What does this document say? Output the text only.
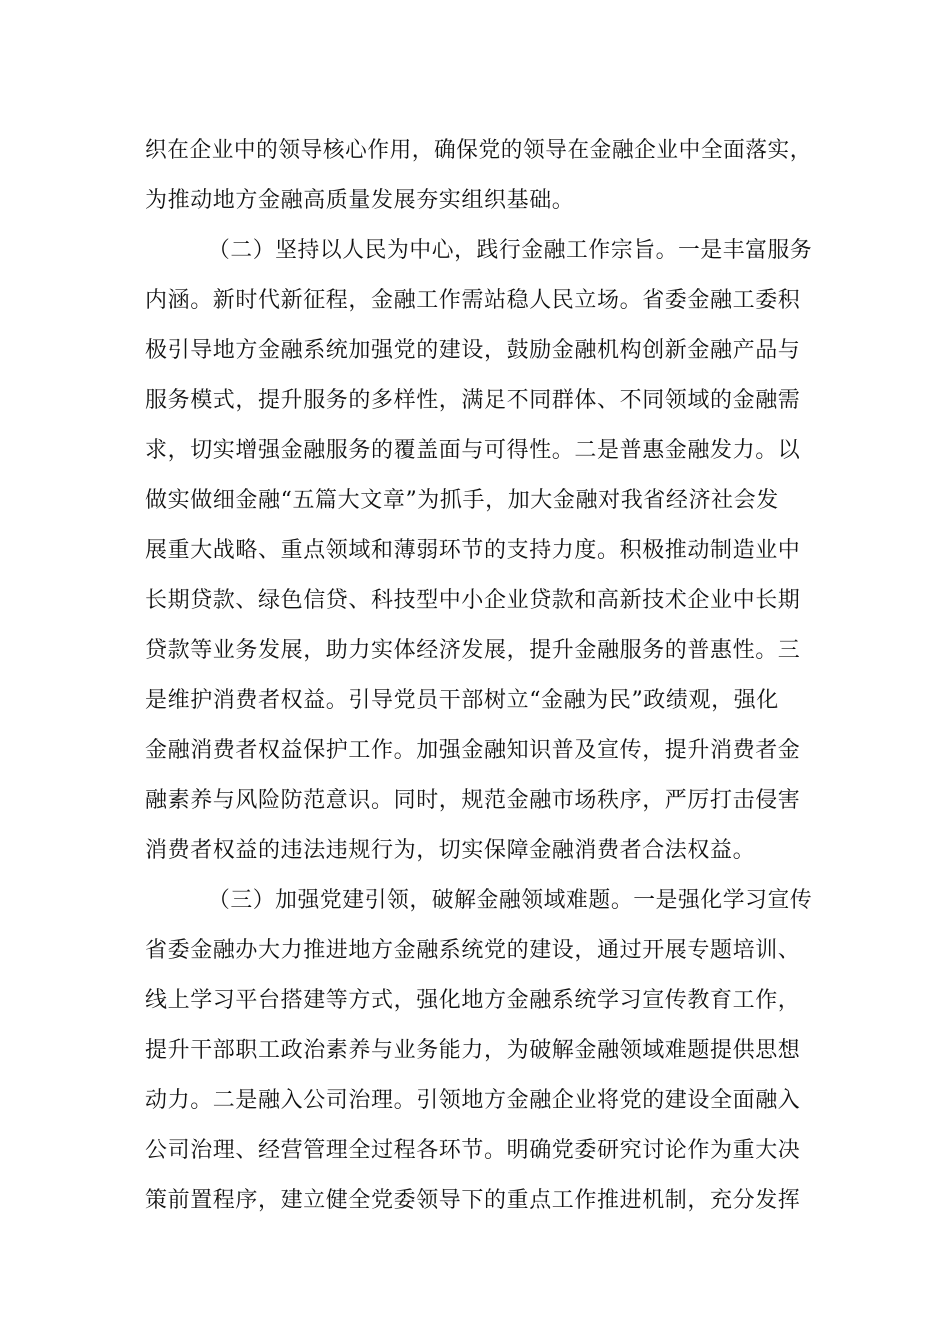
织在企业中的领导核心作用，确保党的领导在金融企业中全面落实，

为推动地方金融高质量发展夯实组织基础。

（二）坚持以人民为中心，践行金融工作宗旨。一是丰富服务

内涵。新时代新征程，金融工作需站稳人民立场。省委金融工委积

极引导地方金融系统加强党的建设，鼓励金融机构创新金融产品与

服务模式，提升服务的多样性，满足不同群体、不同领域的金融需

求，切实增强金融服务的覆盖面与可得性。二是普惠金融发力。以

做实做细金融“五篇大文章”为抓手，加大金融对我省经济社会发

展重大战略、重点领域和薄弱环节的支持力度。积极推动制造业中

长期贷款、绿色信贷、科技型中小企业贷款和高新技术企业中长期

贷款等业务发展，助力实体经济发展，提升金融服务的普惠性。三

是维护消费者权益。引导党员干部树立“金融为民”政绩观，强化

金融消费者权益保护工作。加强金融知识普及宣传，提升消费者金

融素养与风险防范意识。同时，规范金融市场秩序，严厉打击侵害

消费者权益的违法违规行为，切实保障金融消费者合法权益。

（三）加强党建引领，破解金融领域难题。一是强化学习宣传

省委金融办大力推进地方金融系统党的建设，通过开展专题培训、

线上学习平台搭建等方式，强化地方金融系统学习宣传教育工作，

提升干部职工政治素养与业务能力，为破解金融领域难题提供思想

动力。二是融入公司治理。引领地方金融企业将党的建设全面融入

公司治理、经营管理全过程各环节。明确党委研究讨论作为重大决

策前置程序，建立健全党委领导下的重点工作推进机制，充分发挥
